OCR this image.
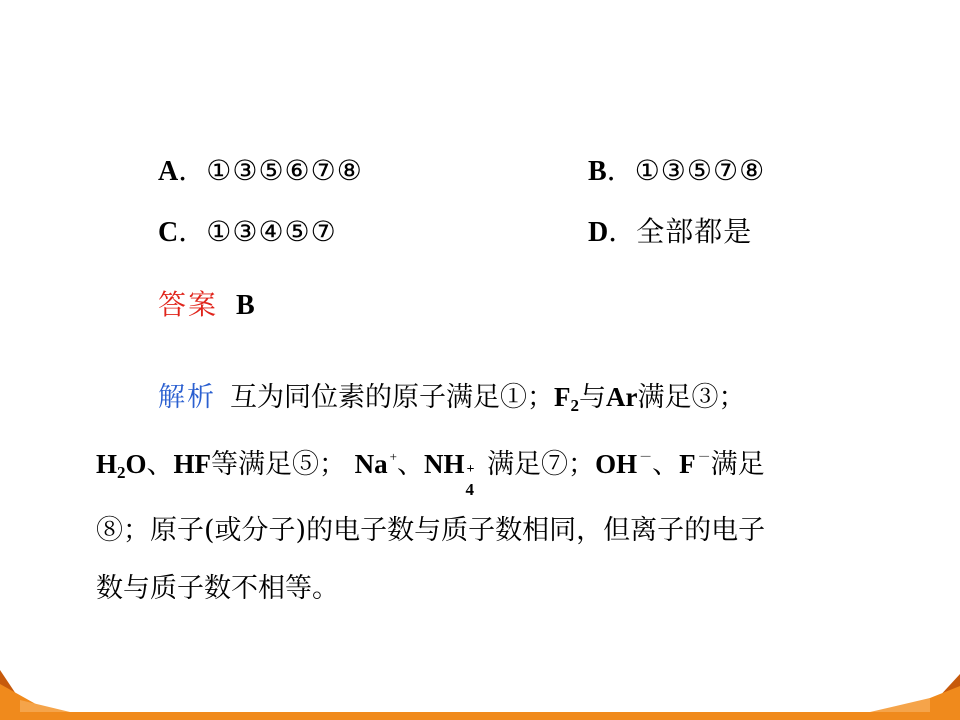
A．①③⑤⑥⑦⑧	B．①③⑤⑦⑧
C．①③④⑤⑦	D．全部都是
答案 B
解析 互为同位素的原子满足①；$F_2$与Ar满足③；
$H_2O$、HF等满足⑤； Na +、NH +
4
满足⑦；OH －、F －满足
⑧；原子(或分子)的电子数与质子数相同，但离子的电子
数与质子数不相等。
